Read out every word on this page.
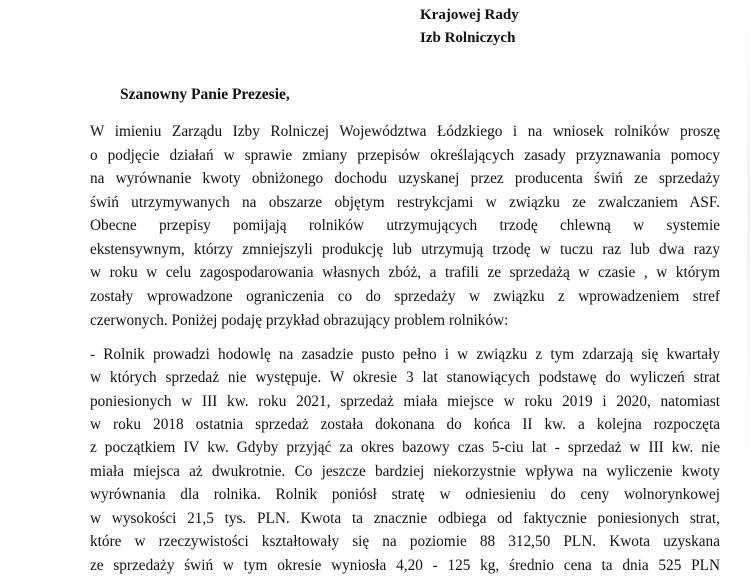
Krajowej Rady
Izb Rolniczych
Szanowny Panie Prezesie,
W imieniu Zarządu Izby Rolniczej Województwa Łódzkiego i na wniosek rolników proszę
o podjęcie działań w sprawie zmiany przepisów określających zasady przyznawania pomocy
na wyrównanie kwoty obniżonego dochodu uzyskanej przez producenta świń ze sprzedaży
świń utrzymywanych na obszarze objętym restrykcjami w związku ze zwalczaniem ASF.
Obecne przepisy pomijają rolników utrzymujących trzodę chlewną w systemie
ekstensywnym, którzy zmniejszyli produkcję lub utrzymują trzodę w tuczu raz lub dwa razy
w roku w celu zagospodarowania własnych zbóż, a trafili ze sprzedażą w czasie , w którym
zostały wprowadzone ograniczenia co do sprzedaży w związku z wprowadzeniem stref
czerwonych. Poniżej podaję przykład obrazujący problem rolników:
- Rolnik prowadzi hodowlę na zasadzie pusto pełno i w związku z tym zdarzają się kwartały
w których sprzedaż nie występuje. W okresie 3 lat stanowiących podstawę do wyliczeń strat
poniesionych w III kw. roku 2021, sprzedaż miała miejsce w roku 2019 i 2020, natomiast
w roku 2018 ostatnia sprzedaż została dokonana do końca II kw. a kolejna rozpoczęta
z początkiem IV kw. Gdyby przyjąć za okres bazowy czas 5-ciu lat - sprzedaż w III kw. nie
miała miejsca aż dwukrotnie. Co jeszcze bardziej niekorzystnie wpływa na wyliczenie kwoty
wyrównania dla rolnika. Rolnik poniósł stratę w odniesieniu do ceny wolnorynkowej
w wysokości 21,5 tys. PLN. Kwota ta znacznie odbiega od faktycznie poniesionych strat,
które w rzeczywistości kształtowały się na poziomie 88 312,50 PLN. Kwota uzyskana
ze sprzedaży świń w tym okresie wyniosła 4,20 - 125 kg, średnio cena ta dnia 525 PLN
